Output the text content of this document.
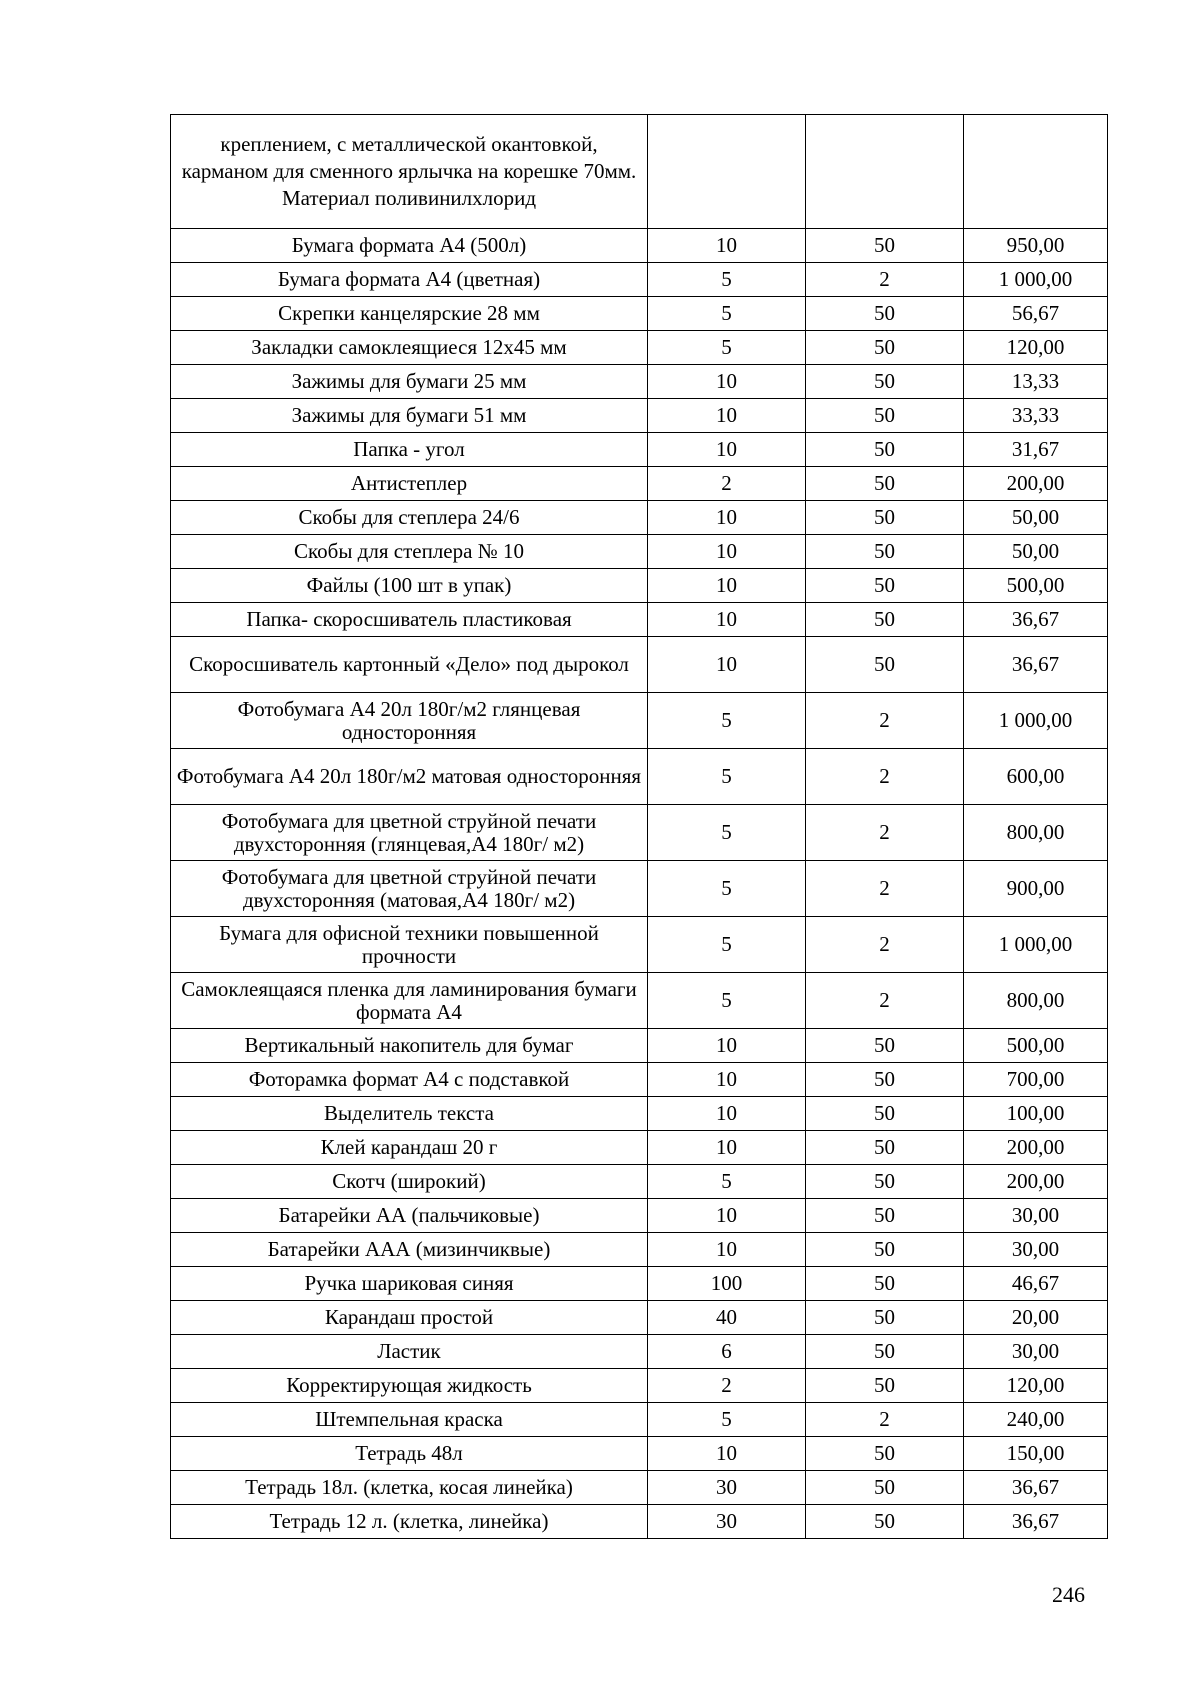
креплением, с металлической окантовкой, карманом для сменного ярлычка на корешке 70мм. Материал поливинилхлорид			
Бумага формата А4 (500л)	10	50	950,00
Бумага формата А4 (цветная)	5	2	1 000,00
Скрепки канцелярские 28 мм	5	50	56,67
Закладки самоклеящиеся 12х45 мм	5	50	120,00
Зажимы для бумаги 25 мм	10	50	13,33
Зажимы для бумаги 51 мм	10	50	33,33
Папка - угол	10	50	31,67
Антистеплер	2	50	200,00
Скобы для степлера 24/6	10	50	50,00
Скобы для степлера № 10	10	50	50,00
Файлы (100 шт в упак)	10	50	500,00
Папка- скоросшиватель пластиковая	10	50	36,67
Скоросшиватель картонный «Дело» под дырокол	10	50	36,67
Фотобумага А4 20л 180г/м2 глянцевая односторонняя	5	2	1 000,00
Фотобумага А4 20л 180г/м2 матовая односторонняя	5	2	600,00
Фотобумага для цветной струйной печати двухсторонняя (глянцевая,А4 180г/ м2)	5	2	800,00
Фотобумага для цветной струйной печати двухсторонняя (матовая,А4 180г/ м2)	5	2	900,00
Бумага для офисной техники повышенной прочности	5	2	1 000,00
Самоклеящаяся пленка для ламинирования бумаги формата А4	5	2	800,00
Вертикальный накопитель для бумаг	10	50	500,00
Фоторамка формат А4 с подставкой	10	50	700,00
Выделитель текста	10	50	100,00
Клей карандаш 20 г	10	50	200,00
Скотч (широкий)	5	50	200,00
Батарейки АА (пальчиковые)	10	50	30,00
Батарейки ААА (мизинчиквые)	10	50	30,00
Ручка шариковая синяя	100	50	46,67
Карандаш простой	40	50	20,00
Ластик	6	50	30,00
Корректирующая жидкость	2	50	120,00
Штемпельная краска	5	2	240,00
Тетрадь 48л	10	50	150,00
Тетрадь 18л. (клетка, косая линейка)	30	50	36,67
Тетрадь 12 л. (клетка, линейка)	30	50	36,67
246
